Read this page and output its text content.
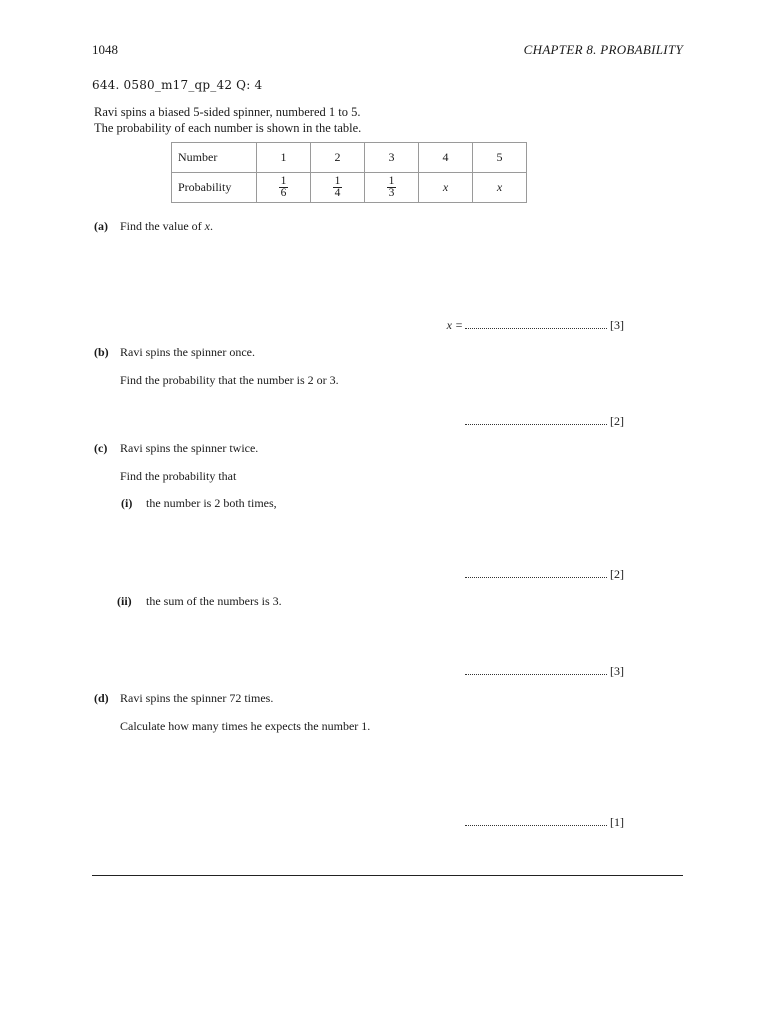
1048	CHAPTER 8. PROBABILITY
644. 0580_m17_qp_42 Q: 4
Ravi spins a biased 5-sided spinner, numbered 1 to 5.
The probability of each number is shown in the table.
Number	1	2	3	4	5
Probability	$\frac{1}{6}$	$\frac{1}{4}$	$\frac{1}{3}$	x	x
(a) Find the value of x.
x =	[3]
(b) Ravi spins the spinner once.
Find the probability that the number is 2 or 3.
[2]
(c) Ravi spins the spinner twice.
Find the probability that
(i) the number is 2 both times,
[2]
(ii) the sum of the numbers is 3.
[3]
(d) Ravi spins the spinner 72 times.
Calculate how many times he expects the number 1.
[1]
